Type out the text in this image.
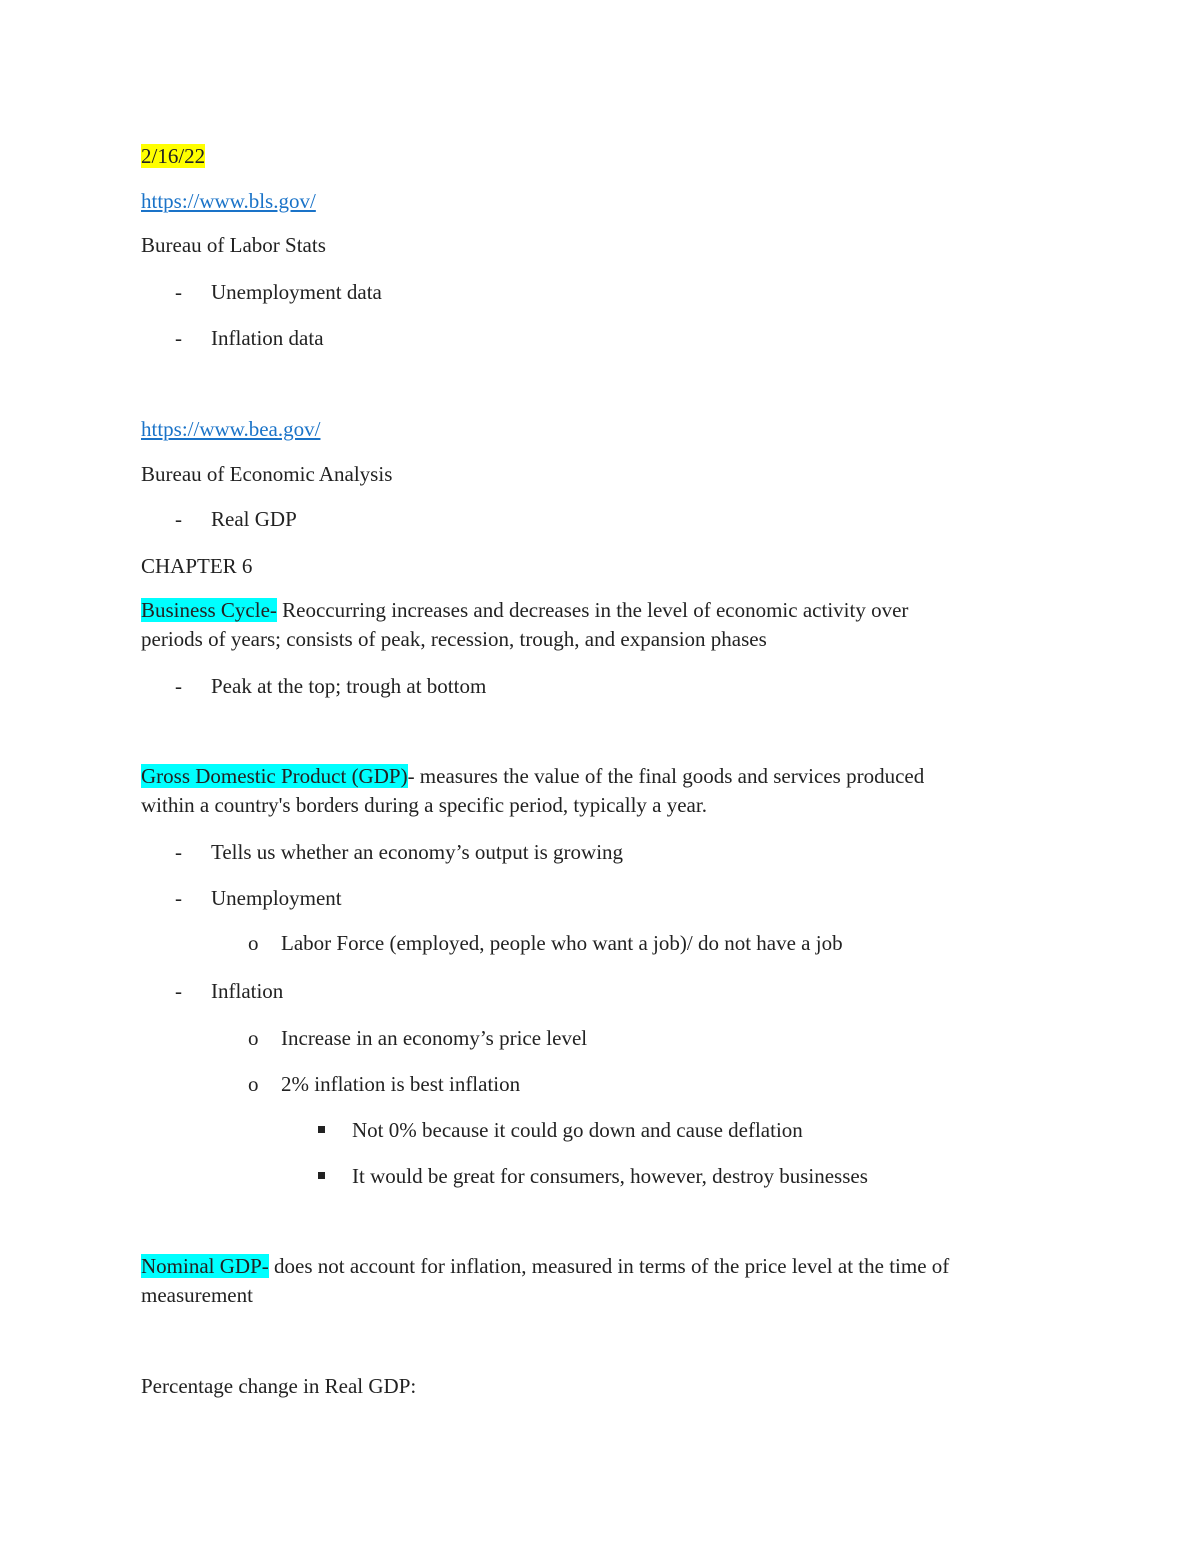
2/16/22
https://www.bls.gov/
Bureau of Labor Stats
- Unemployment data
- Inflation data
https://www.bea.gov/
Bureau of Economic Analysis
- Real GDP
CHAPTER 6
Business Cycle- Reoccurring increases and decreases in the level of economic activity over
periods of years; consists of peak, recession, trough, and expansion phases
- Peak at the top; trough at bottom
Gross Domestic Product (GDP)- measures the value of the final goods and services produced
within a country's borders during a specific period, typically a year.
- Tells us whether an economy’s output is growing
- Unemployment
o Labor Force (employed, people who want a job)/ do not have a job
- Inflation
o Increase in an economy’s price level
o 2% inflation is best inflation
Not 0% because it could go down and cause deflation
It would be great for consumers, however, destroy businesses
Nominal GDP- does not account for inflation, measured in terms of the price level at the time of
measurement
Percentage change in Real GDP:
